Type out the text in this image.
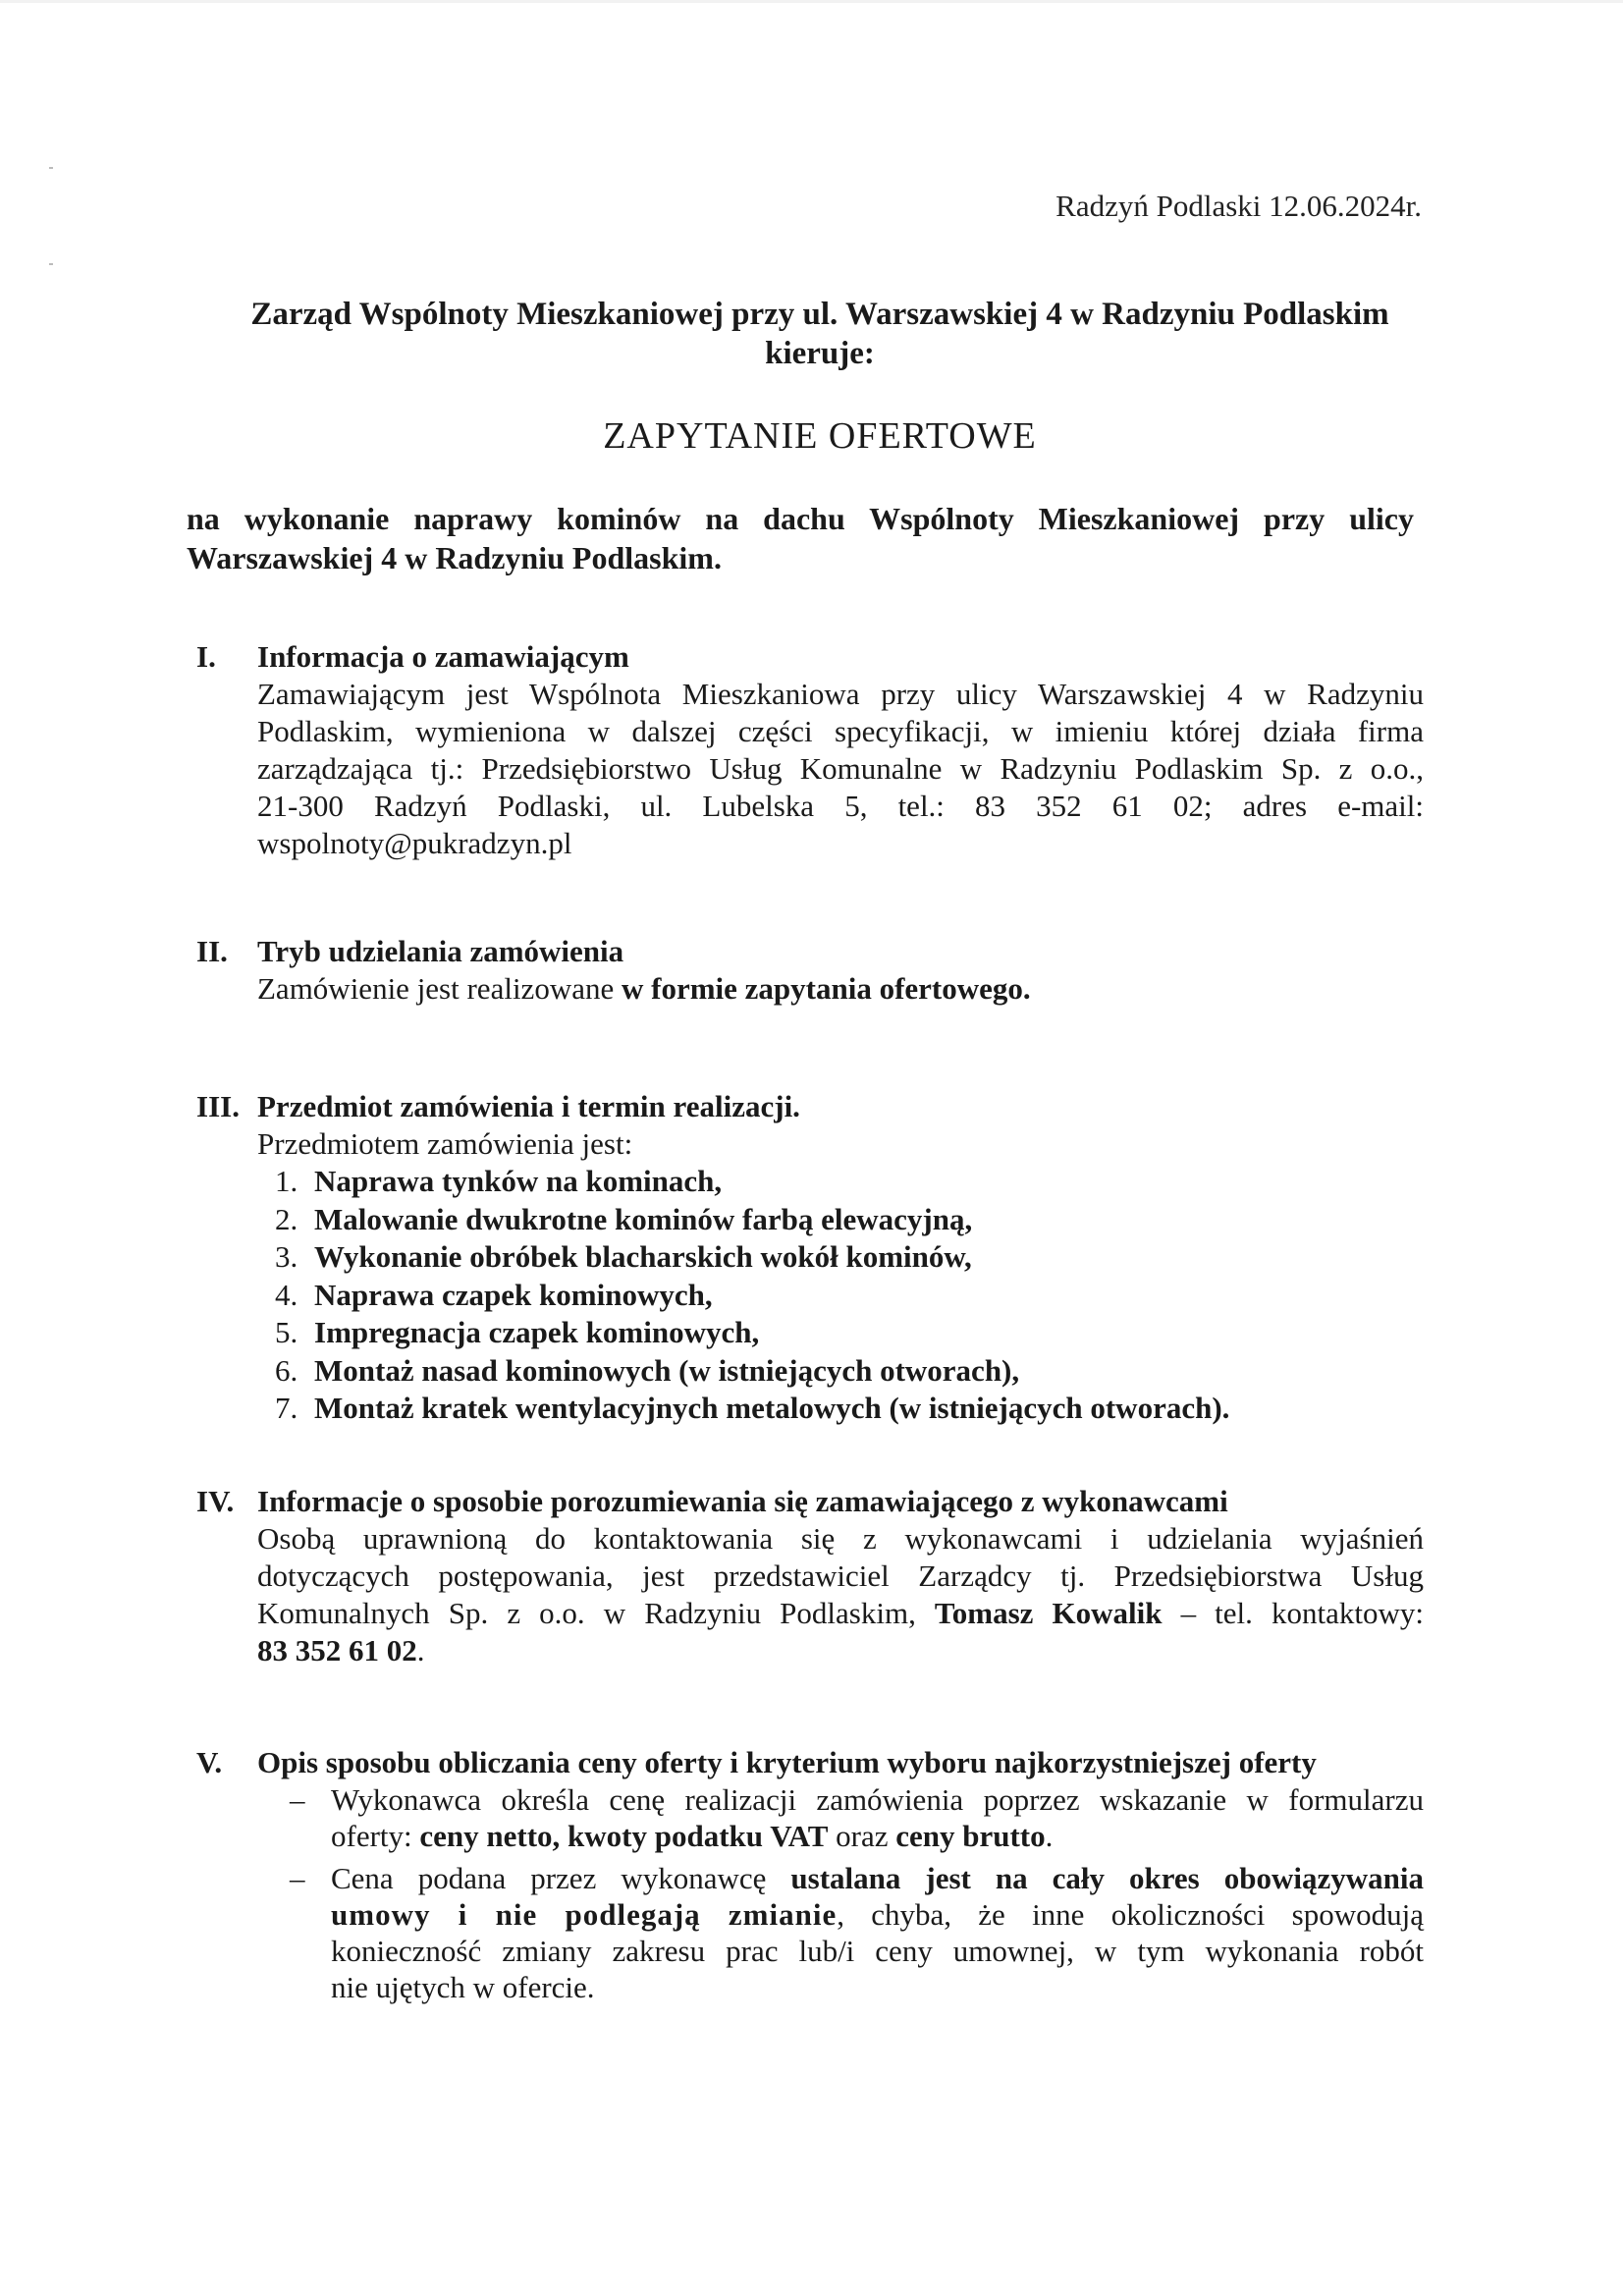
Radzyń Podlaski 12.06.2024r.
Zarząd Wspólnoty Mieszkaniowej przy ul. Warszawskiej 4 w Radzyniu Podlaskim
kieruje:
ZAPYTANIE OFERTOWE
na wykonanie naprawy kominów na dachu Wspólnoty Mieszkaniowej przy ulicy
Warszawskiej 4 w Radzyniu Podlaskim.
I. Informacja o zamawiającym
Zamawiającym jest Wspólnota Mieszkaniowa przy ulicy Warszawskiej 4 w Radzyniu
Podlaskim, wymieniona w dalszej części specyfikacji, w imieniu której działa firma
zarządzająca tj.: Przedsiębiorstwo Usług Komunalne w Radzyniu Podlaskim Sp. z o.o.,
21-300 Radzyń Podlaski, ul. Lubelska 5, tel.: 83 352 61 02; adres e-mail:
wspolnoty@pukradzyn.pl
II. Tryb udzielania zamówienia
Zamówienie jest realizowane w formie zapytania ofertowego.
III. Przedmiot zamówienia i termin realizacji.
Przedmiotem zamówienia jest:
1. Naprawa tynków na kominach,
2. Malowanie dwukrotne kominów farbą elewacyjną,
3. Wykonanie obróbek blacharskich wokół kominów,
4. Naprawa czapek kominowych,
5. Impregnacja czapek kominowych,
6. Montaż nasad kominowych (w istniejących otworach),
7. Montaż kratek wentylacyjnych metalowych (w istniejących otworach).
IV. Informacje o sposobie porozumiewania się zamawiającego z wykonawcami
Osobą uprawnioną do kontaktowania się z wykonawcami i udzielania wyjaśnień
dotyczących postępowania, jest przedstawiciel Zarządcy tj. Przedsiębiorstwa Usług
Komunalnych Sp. z o.o. w Radzyniu Podlaskim, Tomasz Kowalik – tel. kontaktowy:
83 352 61 02.
V. Opis sposobu obliczania ceny oferty i kryterium wyboru najkorzystniejszej oferty
– Wykonawca określa cenę realizacji zamówienia poprzez wskazanie w formularzu
oferty: ceny netto, kwoty podatku VAT oraz ceny brutto.
– Cena podana przez wykonawcę ustalana jest na cały okres obowiązywania
umowy i nie podlegają zmianie, chyba, że inne okoliczności spowodują
konieczność zmiany zakresu prac lub/i ceny umownej, w tym wykonania robót
nie ujętych w ofercie.
